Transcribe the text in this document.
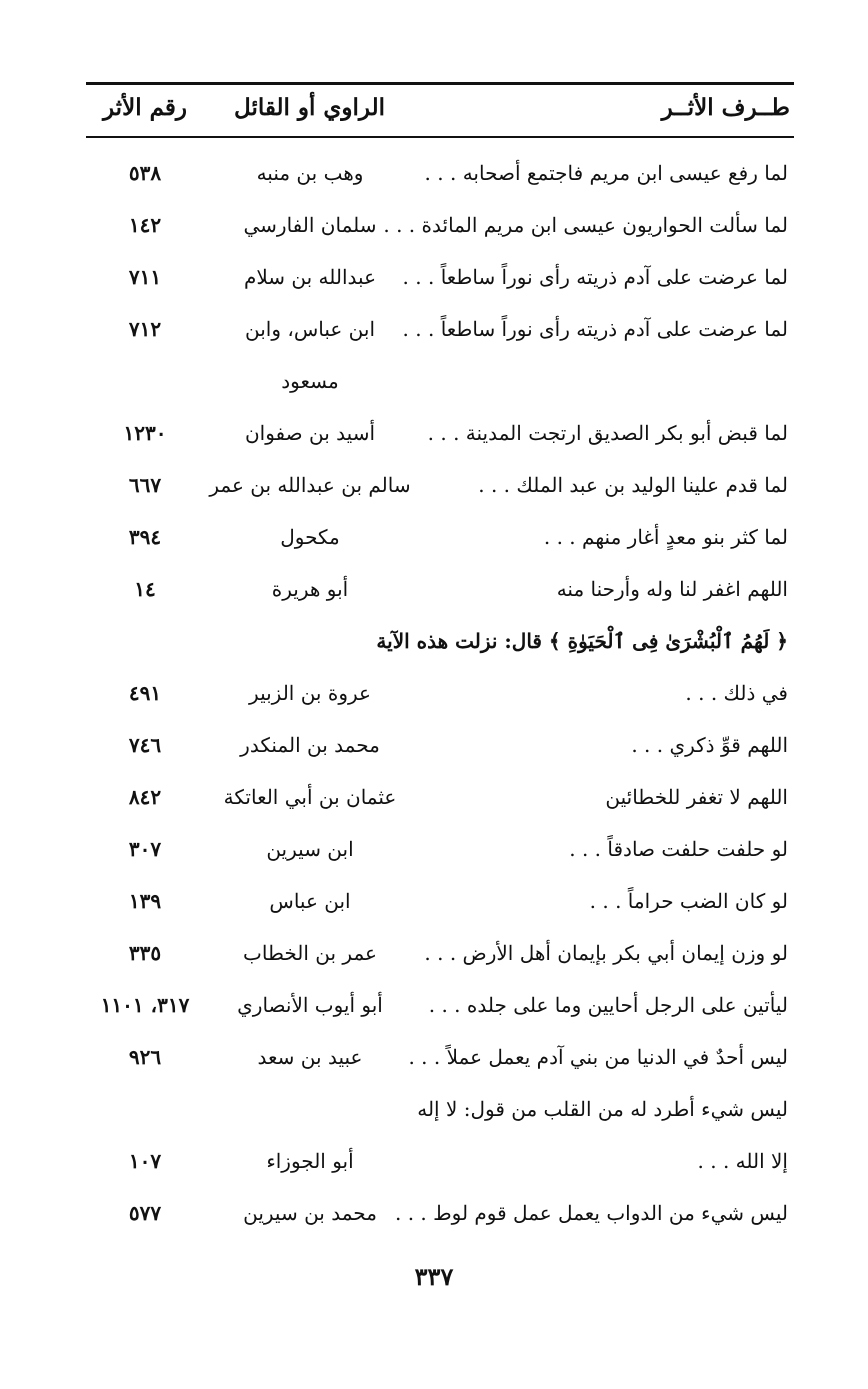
طــرف الأثــر
الراوي أو القائل
رقم الأثر
لما رفع عيسى ابن مريم فاجتمع أصحابه . . .
وهب بن منبه
٥٣٨
لما سألت الحواريون عيسى ابن مريم المائدة . . .
سلمان الفارسي
١٤٢
لما عرضت على آدم ذريته رأى نوراً ساطعاً . . .
عبدالله بن سلام
٧١١
لما عرضت على آدم ذريته رأى نوراً ساطعاً . . .
ابن عباس، وابن
٧١٢
مسعود
لما قبض أبو بكر الصديق ارتجت المدينة . . .
أسيد بن صفوان
١٢٣٠
لما قدم علينا الوليد بن عبد الملك . . .
سالم بن عبدالله بن عمر
٦٦٧
لما كثر بنو معدٍ أغار منهم . . .
مكحول
٣٩٤
اللهم اغفر لنا وله وأرحنا منه
أبو هريرة
١٤
﴿ لَهُمُ ٱلْبُشْرَىٰ فِى ٱلْحَيَوٰةِ ﴾ قال: نزلت هذه الآية
في ذلك . . .
عروة بن الزبير
٤٩١
اللهم قوِّ ذكري . . .
محمد بن المنكدر
٧٤٦
اللهم لا تغفر للخطائين
عثمان بن أبي العاتكة
٨٤٢
لو حلفت حلفت صادقاً . . .
ابن سيرين
٣٠٧
لو كان الضب حراماً . . .
ابن عباس
١٣٩
لو وزن إيمان أبي بكر بإيمان أهل الأرض . . .
عمر بن الخطاب
٣٣٥
ليأتين على الرجل أحايين وما على جلده . . .
أبو أيوب الأنصاري
٣١٧، ١١٠١
ليس أحدٌ في الدنيا من بني آدم يعمل عملاً . . .
عبيد بن سعد
٩٢٦
ليس شيء أطرد له من القلب من قول: لا إله
إلا الله . . .
أبو الجوزاء
١٠٧
ليس شيء من الدواب يعمل عمل قوم لوط . . .
محمد بن سيرين
٥٧٧
٣٣٧
